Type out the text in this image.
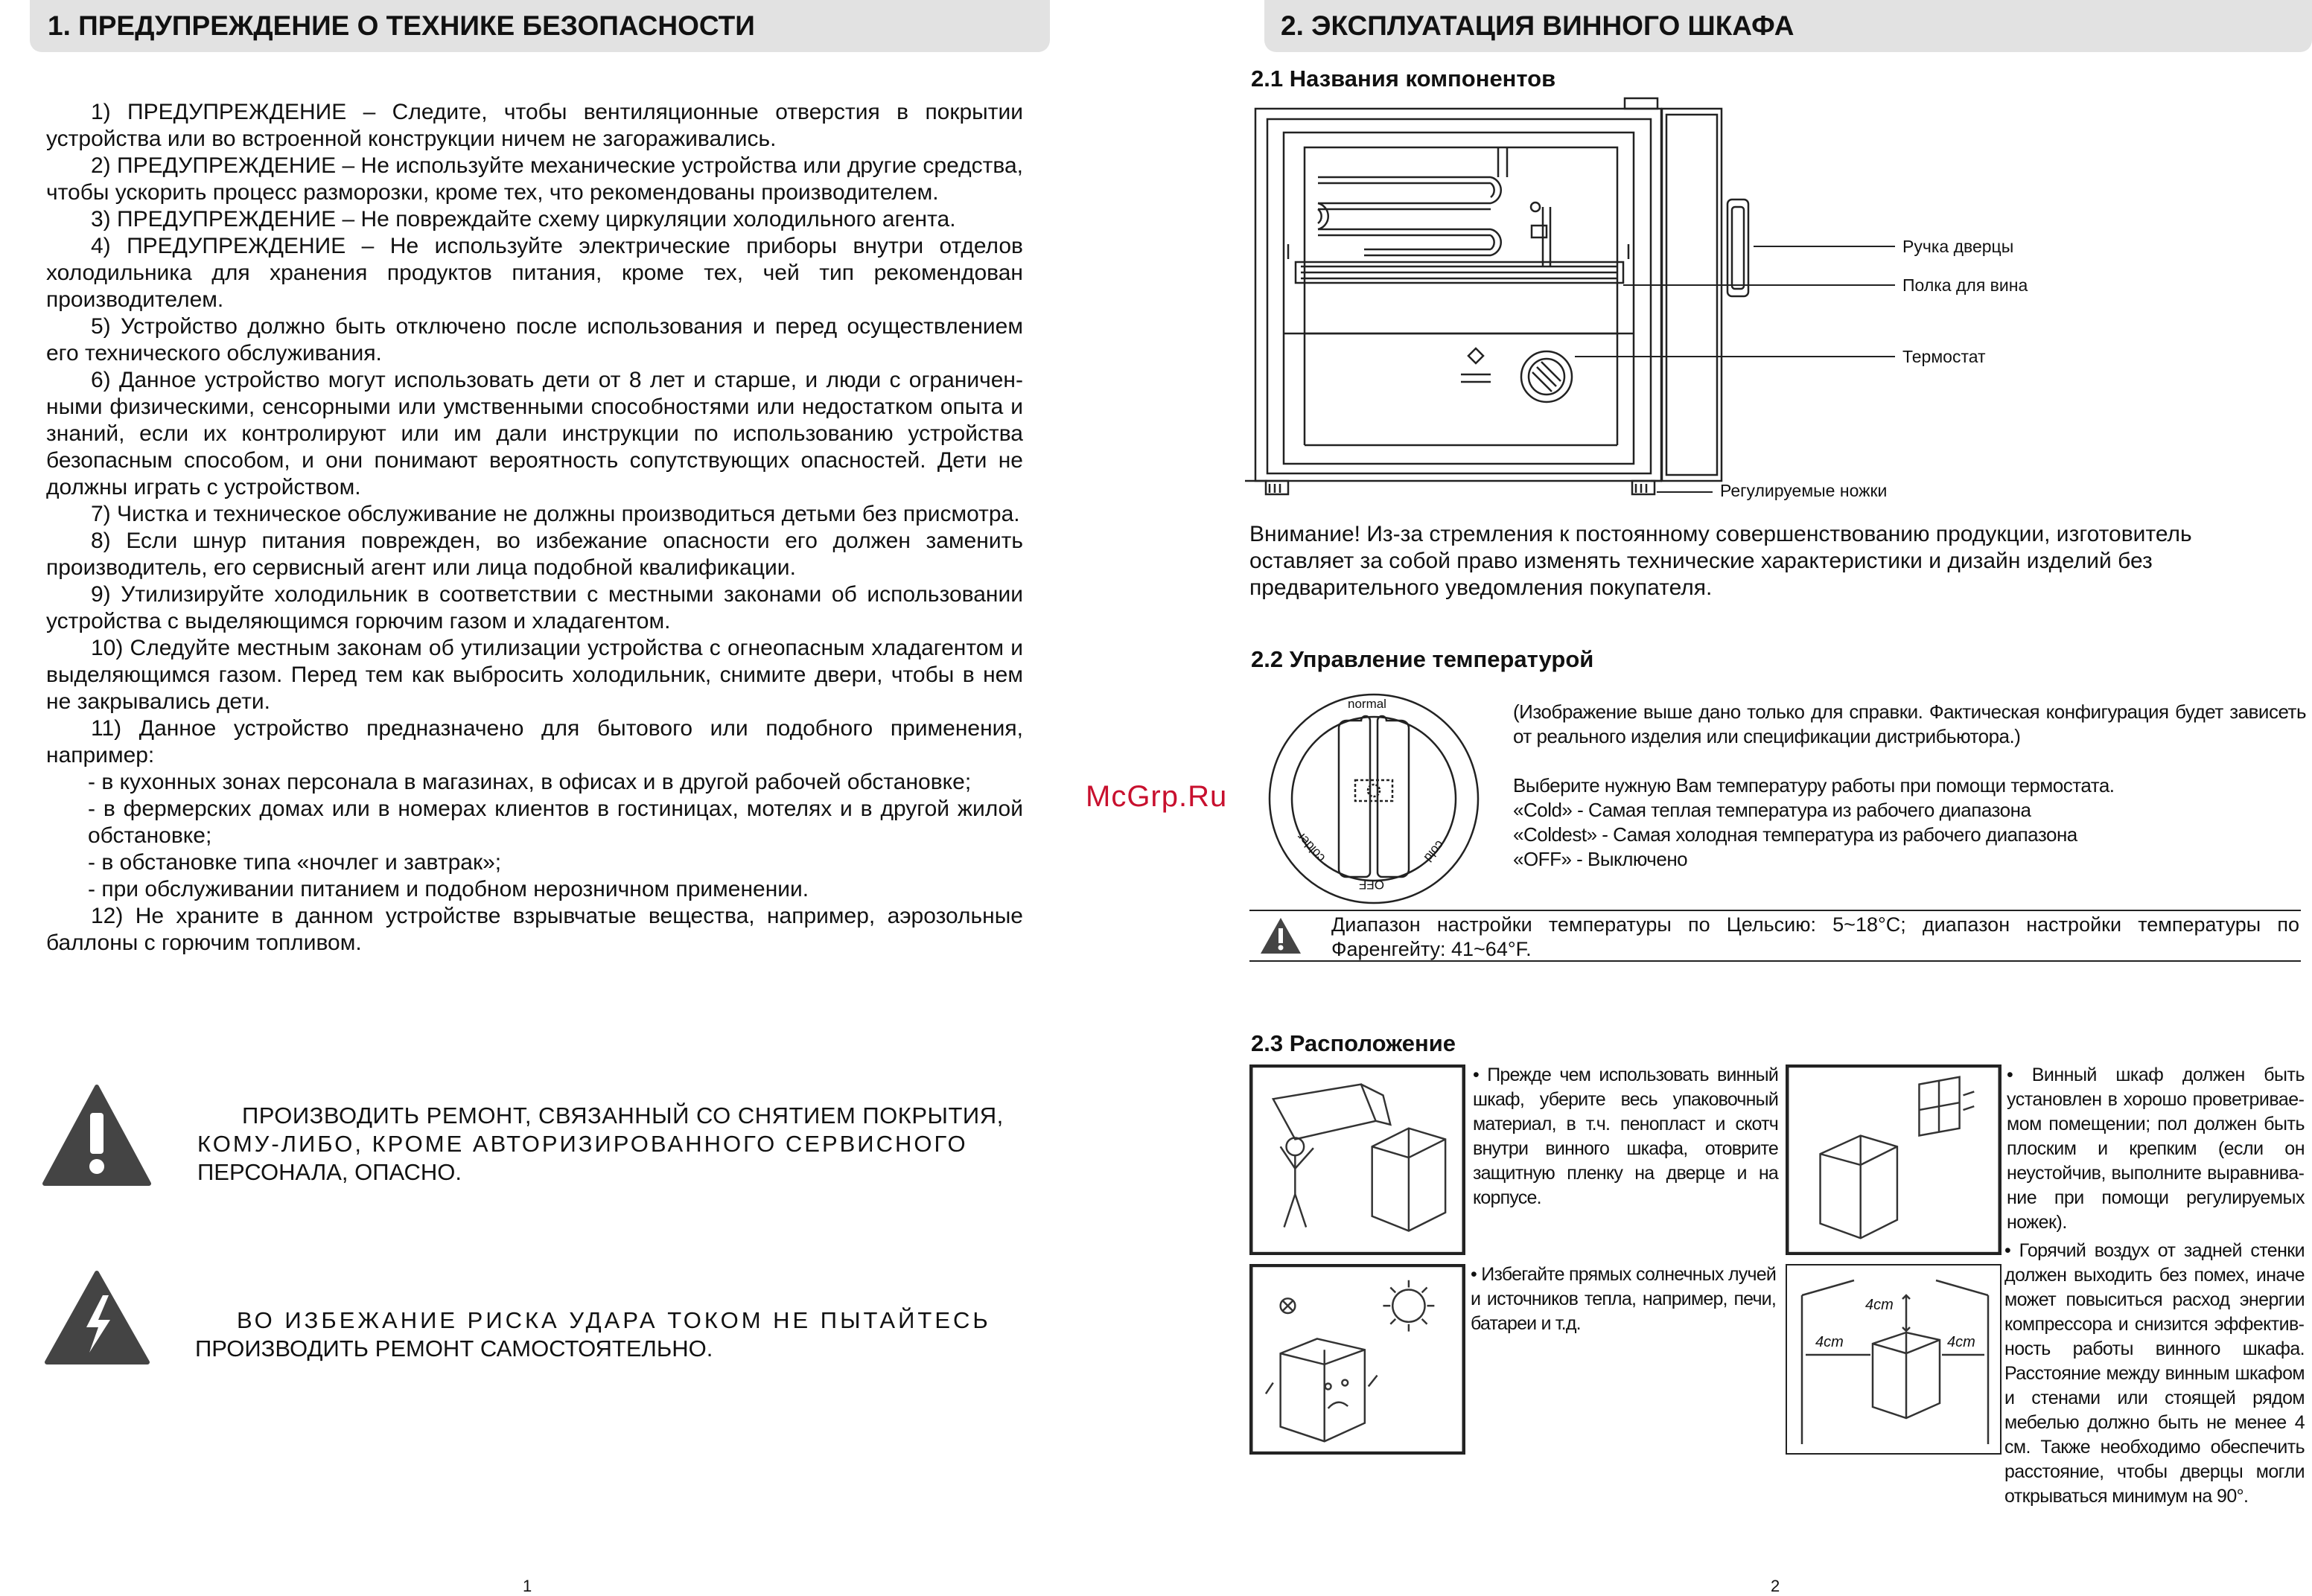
1. ПРЕДУПРЕЖДЕНИЕ О ТЕХНИКЕ БЕЗОПАСНОСТИ

1) ПРЕДУПРЕЖДЕНИЕ – Следите, чтобы вентиляционные отверстия в покрытии устройства или во встроенной конструкции ничем не загораживались.

2) ПРЕДУПРЕЖДЕНИЕ – Не используйте механические устройства или другие средства, чтобы ускорить процесс разморозки, кроме тех, что рекомендованы производителем.

3) ПРЕДУПРЕЖДЕНИЕ – Не повреждайте схему циркуляции холодильного агента.

4) ПРЕДУПРЕЖДЕНИЕ – Не используйте электрические приборы внутри отделов холодильника для хранения продуктов питания, кроме тех, чей тип рекомендован производителем.

5) Устройство должно быть отключено после использования и перед осуществлением его технического обслуживания.

6) Данное устройство могут использовать дети от 8 лет и старше, и люди с ограниченными физическими, сенсорными или умственными способностями или недостатком опыта и знаний, если их контролируют или им дали инструкции по использованию устройства безопасным способом, и они понимают вероятность сопутствующих опасностей. Дети не должны играть с устройством.

7) Чистка и техническое обслуживание не должны производиться детьми без присмотра.

8) Если шнур питания поврежден, во избежание опасности его должен заменить производитель, его сервисный агент или лица подобной квалификации.

9) Утилизируйте холодильник в соответствии с местными законами об использовании устройства с выделяющимся горючим газом и хладагентом.

10) Следуйте местным законам об утилизации устройства с огнеопасным хладагентом и выделяющимся газом. Перед тем как выбросить холодильник, снимите двери, чтобы в нем не закрывались дети.

11) Данное устройство предназначено для бытового или подобного применения, например:

- в кухонных зонах персонала в магазинах, в офисах и в другой рабочей обстановке;

- в фермерских домах или в номерах клиентов в гостиницах, мотелях и в другой жилой обстановке;

- в обстановке типа «ночлег и завтрак»;

- при обслуживании питанием и подобном нерозничном применении.

12) Не храните в данном устройстве взрывчатые вещества, например, аэрозольные баллоны с горючим топливом.

ПРОИЗВОДИТЬ РЕМОНТ, СВЯЗАННЫЙ СО СНЯТИЕМ ПОКРЫТИЯ,
КОМУ-ЛИБО, КРОМЕ АВТОРИЗИРОВАННОГО СЕРВИСНОГО
ПЕРСОНАЛА, ОПАСНО.
ВО ИЗБЕЖАНИЕ РИСКА УДАРА ТОКОМ НЕ ПЫТАЙТЕСЬ
ПРОИЗВОДИТЬ РЕМОНТ САМОСТОЯТЕЛЬНО.
1
McGrp.Ru
2. ЭКСПЛУАТАЦИЯ ВИННОГО ШКАФА
2.1 Названия компонентов
Ручка дверцы
Полка для вина
Термостат
Регулируемые ножки
Внимание! Из-за стремления к постоянному совершенствованию продукции, изготовитель оставляет за собой право изменять технические характеристики и дизайн изделий без предварительного уведомления покупателя.
2.2 Управление температурой
normal
colder
OFF
cold

(Изображение выше дано только для справки. Фактическая конфигурация будет зависеть от реального изделия или спецификации дистрибьютора.)

Выберите нужную Вам температуру работы при помощи термостата.

«Cold» - Самая теплая температура из рабочего диапазона

«Coldest» - Самая холодная температура из рабочего диапазона

«OFF» - Выключено

Диапазон настройки температуры по Цельсию: 5~18°C; диапазон настройки температуры по Фаренгейту: 41~64°F.

2.3 Расположение

• Прежде чем использовать винный шкаф, уберите весь упаковочный материал, в т.ч. пенопласт и скотч внутри винного шкафа, отоврите защитную пленку на дверце и на корпусе.

• Винный шкаф должен быть установлен в хорошо проветриваемом помещении; пол должен быть плоским и крепким (если он неустойчив, выполните выравнивание при помощи регулируемых ножек).

• Избегайте прямых солнечных лучей и источников тепла, например, печи, батареи и т.д.

4cm
4cm	4cm

• Горячий воздух от задней стенки должен выходить без помех, иначе может повыситься расход энергии компрессора и снизится эффективность работы винного шкафа. Расстояние между винным шкафом и стенами или стоящей рядом мебелью должно быть не менее 4 см. Также необходимо обеспечить расстояние, чтобы дверцы могли открываться минимум на 90°.

2
